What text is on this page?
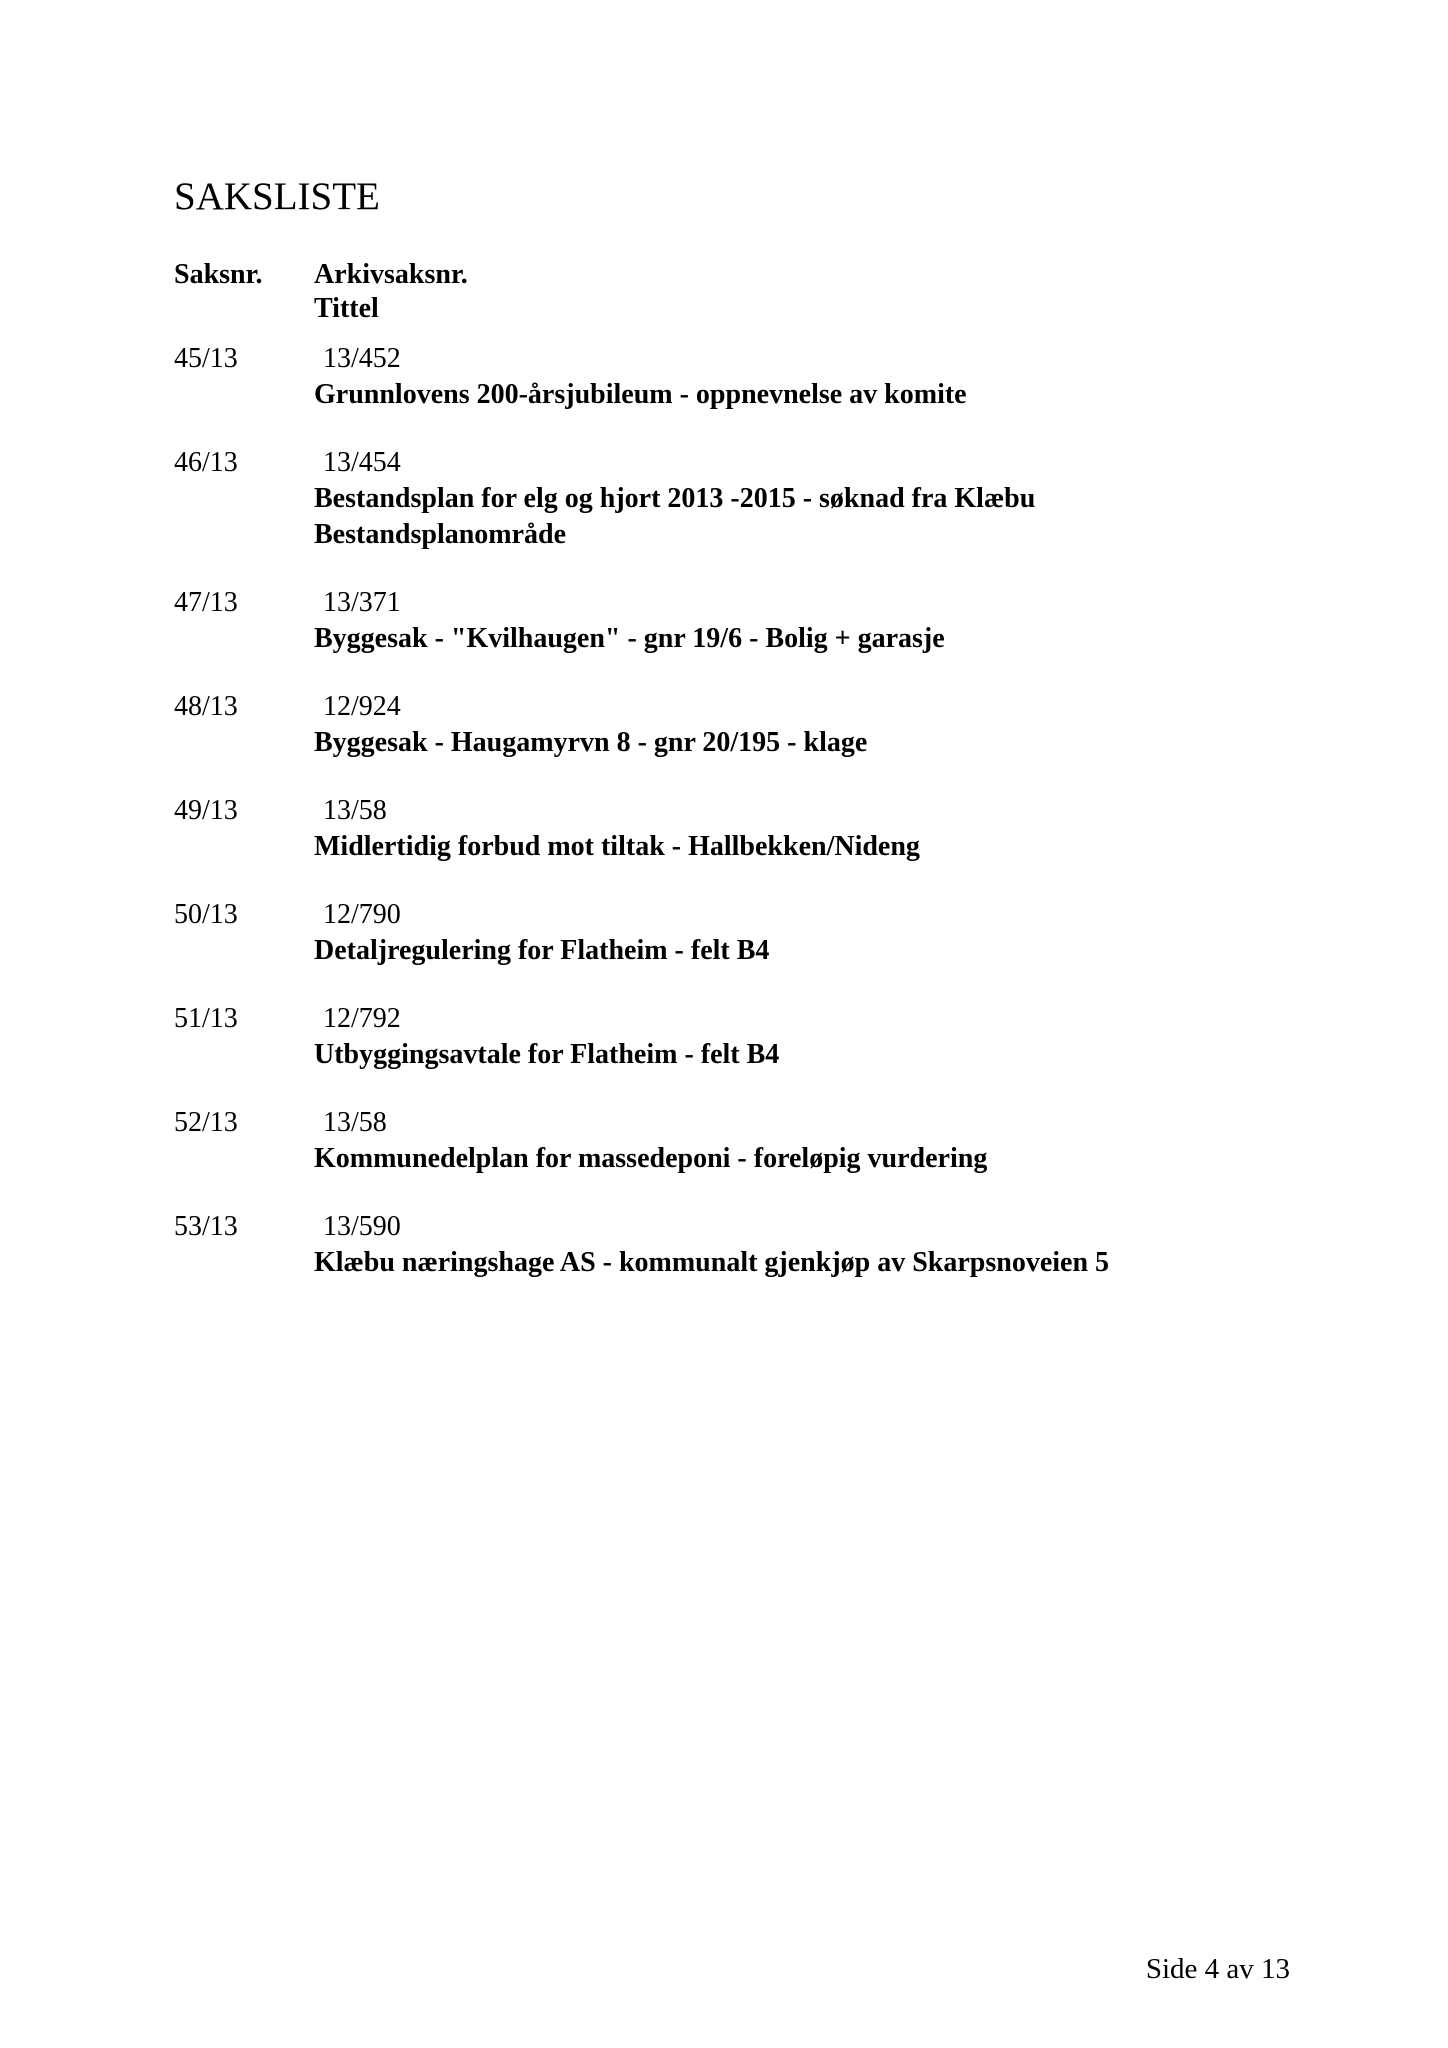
SAKSLISTE
Saksnr. Arkivsaksnr.
Tittel
45/13	13/452
Grunnlovens 200-årsjubileum - oppnevnelse av komite
46/13	13/454
Bestandsplan for elg og hjort 2013 -2015 - søknad fra Klæbu
Bestandsplanområde
47/13	13/371
Byggesak - "Kvilhaugen" - gnr 19/6 - Bolig + garasje
48/13	12/924
Byggesak - Haugamyrvn 8 - gnr 20/195 - klage
49/13	13/58
Midlertidig forbud mot tiltak - Hallbekken/Nideng
50/13	12/790
Detaljregulering for Flatheim - felt B4
51/13	12/792
Utbyggingsavtale for Flatheim - felt B4
52/13	13/58
Kommunedelplan for massedeponi - foreløpig vurdering
53/13	13/590
Klæbu næringshage AS - kommunalt gjenkjøp av Skarpsnoveien 5
Side 4 av 13
